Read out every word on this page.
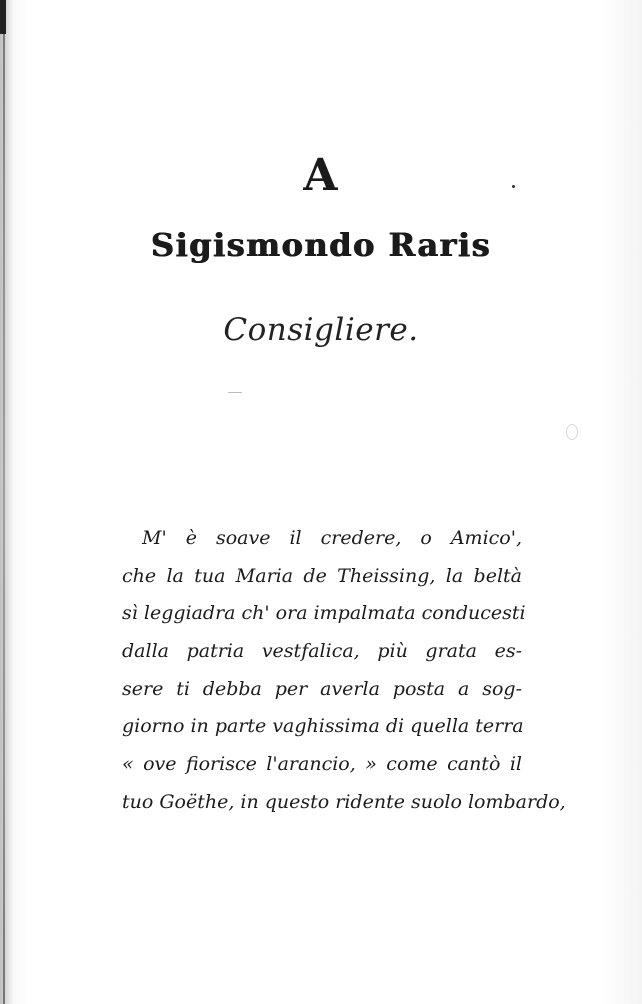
A
Sigismondo Raris
Consigliere.
M' è soave il credere, o Amico',
che la tua Maria de Theissing, la beltà
sì leggiadra ch' ora impalmata conducesti
dalla patria vestfalica, più grata es-
sere ti debba per averla posta a sog-
giorno in parte vaghissima di quella terra
« ove fiorisce l'arancio, » come cantò il
tuo Goëthe, in questo ridente suolo lombardo,
